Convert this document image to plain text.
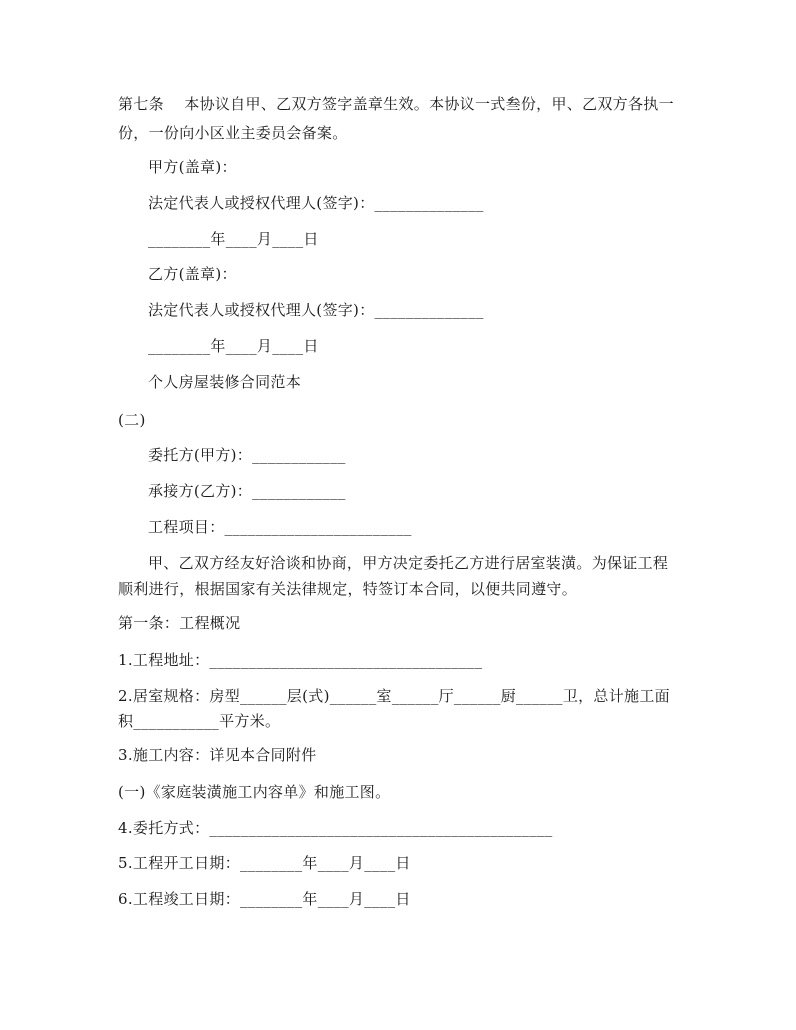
第七条　 本协议自甲、乙双方签字盖章生效。本协议一式叁份，甲、乙双方各执一
份，一份向小区业主委员会备案。
甲方(盖章)：
法定代表人或授权代理人(签字)：______________
________年____月____日
乙方(盖章)：
法定代表人或授权代理人(签字)：______________
________年____月____日
个人房屋装修合同范本
(二)
委托方(甲方)：____________
承接方(乙方)：____________
工程项目：________________________
甲、乙双方经友好洽谈和协商，甲方决定委托乙方进行居室装潢。为保证工程
顺利进行，根据国家有关法律规定，特签订本合同，以便共同遵守。
第一条：工程概况
1.工程地址：___________________________________
2.居室规格：房型______层(式)______室______厅______厨______卫，总计施工面
积___________平方米。
3.施工内容：详见本合同附件
(一)《家庭装潢施工内容单》和施工图。
4.委托方式：____________________________________________
5.工程开工日期：________年____月____日
6.工程竣工日期：________年____月____日
